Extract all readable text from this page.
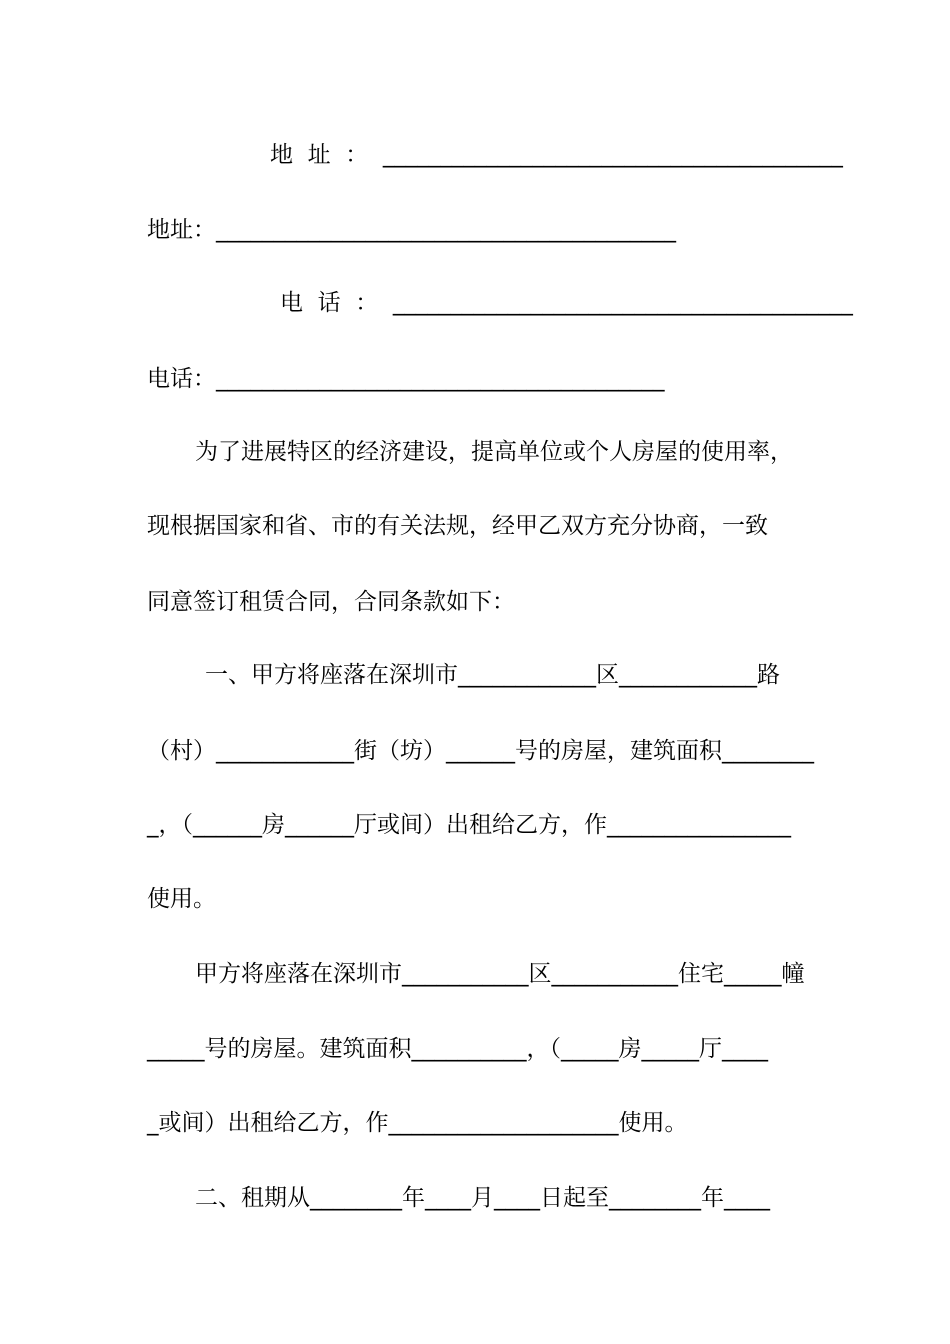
地  址  ：  ________________________________________
地址：________________________________________
电  话  ：  ________________________________________
电话：_______________________________________
为了进展特区的经济建设，提高单位或个人房屋的使用率，
现根据国家和省、市的有关法规，经甲乙双方充分协商，一致
同意签订租赁合同，合同条款如下：
一、甲方将座落在深圳市____________区____________路
（村）____________街（坊）______号的房屋，建筑面积________
_，（______房______厅或间）出租给乙方，作________________
使用。
甲方将座落在深圳市___________区___________住宅_____幢
_____号的房屋。建筑面积__________，（_____房_____厅____
_或间）出租给乙方，作____________________使用。
二、租期从________年____月____日起至________年____
